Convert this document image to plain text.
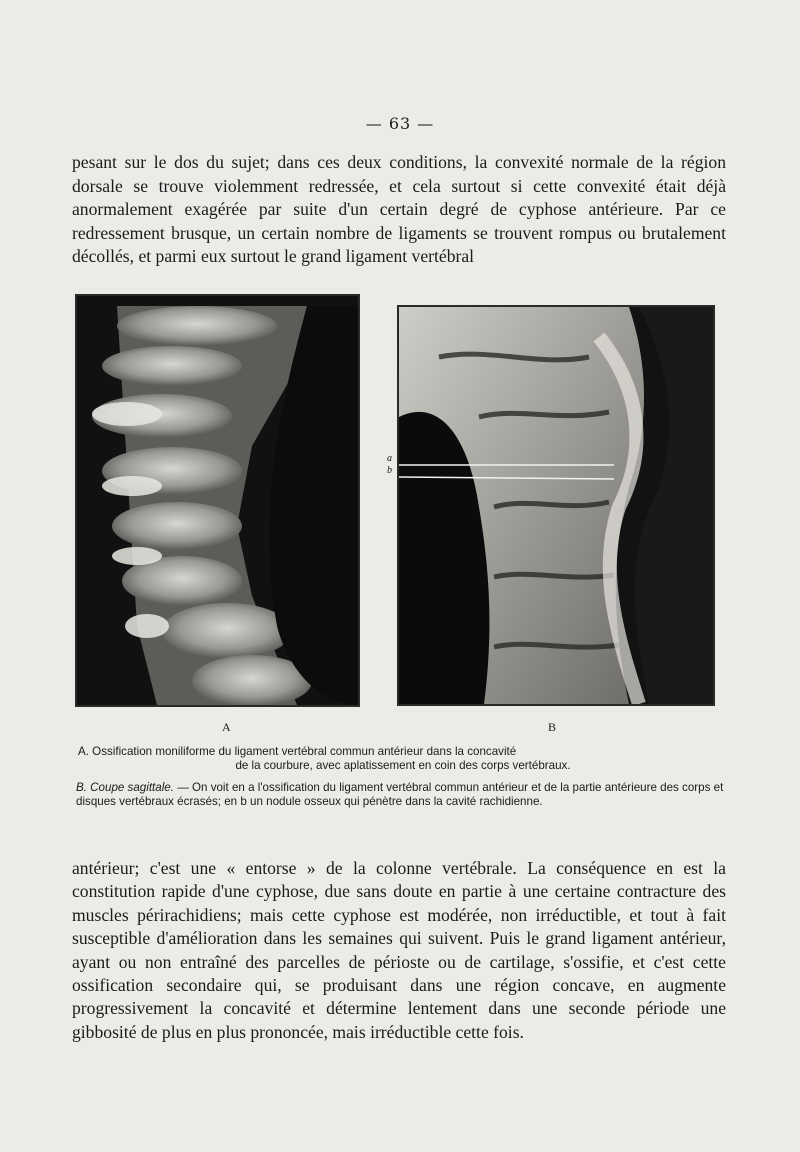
— 63 —

pesant sur le dos du sujet; dans ces deux conditions, la convexité normale de la région dorsale se trouve violemment redressée, et cela surtout si cette convexité était déjà anormalement exagérée par suite d'un certain degré de cyphose antérieure. Par ce redressement brusque, un certain nombre de ligaments se trouvent rompus ou brutalement décollés, et parmi eux surtout le grand ligament vertébral

a
b
A	B

A. Ossification moniliforme du ligament vertébral commun antérieur dans la concavité
de la courbure, avec aplatissement en coin des corps vertébraux.

B. Coupe sagittale. — On voit en a l'ossification du ligament vertébral commun antérieur et de la partie antérieure des corps et disques vertébraux écrasés; en b un nodule osseux qui pénètre dans la cavité rachidienne.

antérieur; c'est une « entorse » de la colonne vertébrale. La conséquence en est la constitution rapide d'une cyphose, due sans doute en partie à une certaine contracture des muscles périrachidiens; mais cette cyphose est modérée, non irréductible, et tout à fait susceptible d'amélioration dans les semaines qui suivent. Puis le grand ligament antérieur, ayant ou non entraîné des parcelles de périoste ou de cartilage, s'ossifie, et c'est cette ossification secondaire qui, se produisant dans une région concave, en augmente progressivement la concavité et détermine lentement dans une seconde période une gibbosité de plus en plus prononcée, mais irréductible cette fois.
